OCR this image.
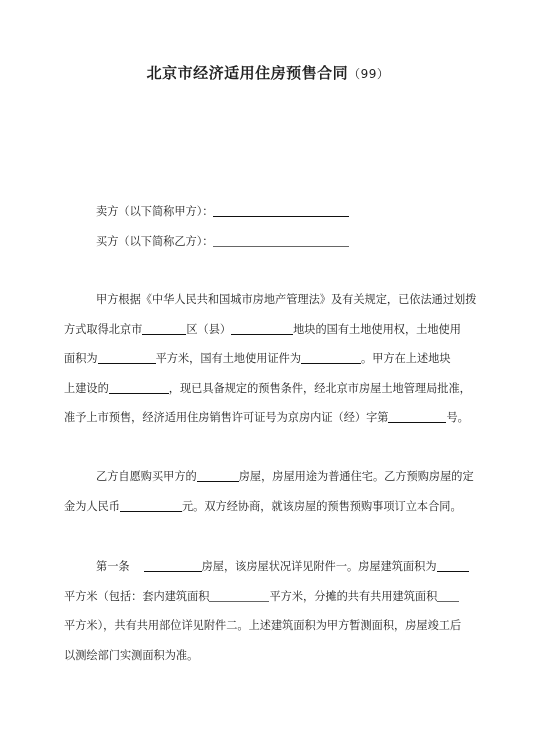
北京市经济适用住房预售合同（99）
卖方（以下简称甲方）：
买方（以下简称乙方）：
甲方根据《中华人民共和国城市房地产管理法》及有关规定，已依法通过划拨
方式取得北京市	区（县）	地块的国有土地使用权，土地使用
面积为	平方米，国有土地使用证件为	。甲方在上述地块
上建设的	，现已具备规定的预售条件，经北京市房屋土地管理局批准，
准予上市预售，经济适用住房销售许可证号为京房内证（经）字第	号。
乙方自愿购买甲方的	房屋，房屋用途为普通住宅。乙方预购房屋的定
金为人民币	元。双方经协商，就该房屋的预售预购事项订立本合同。
第一条	房屋，该房屋状况详见附件一。房屋建筑面积为
平方米（包括：套内建筑面积	平方米，分摊的共有共用建筑面积
平方米），共有共用部位详见附件二。上述建筑面积为甲方暂测面积，房屋竣工后
以测绘部门实测面积为准。
